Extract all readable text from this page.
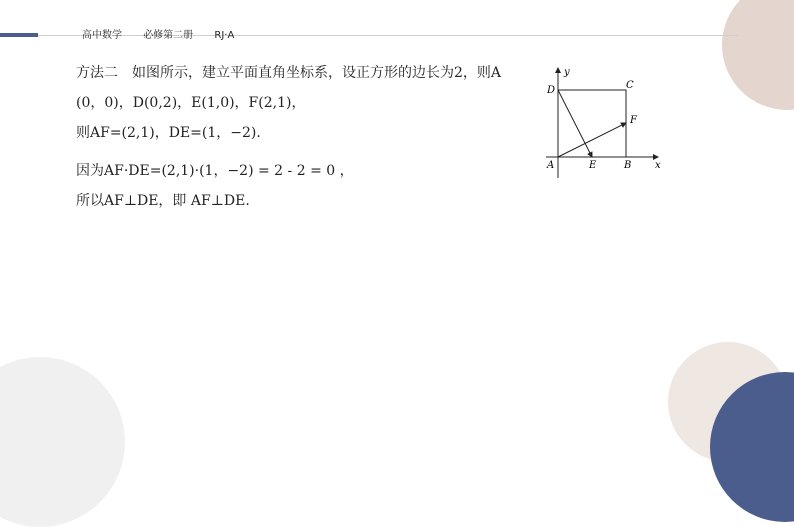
高中数学 必修第二册 RJ·A
方法二　如图所示，建立平面直角坐标系，设正方形的边长为2，则A
(0，0)，D(0,2)，E(1,0)，F(2,1)，
则AF=(2,1)，DE=(1，−2).
因为AF·DE=(2,1)·(1，−2) = 2 - 2 = 0 ，
所以AF⊥DE，即 AF⊥DE.
y
x
D	C
F
A	E	B
